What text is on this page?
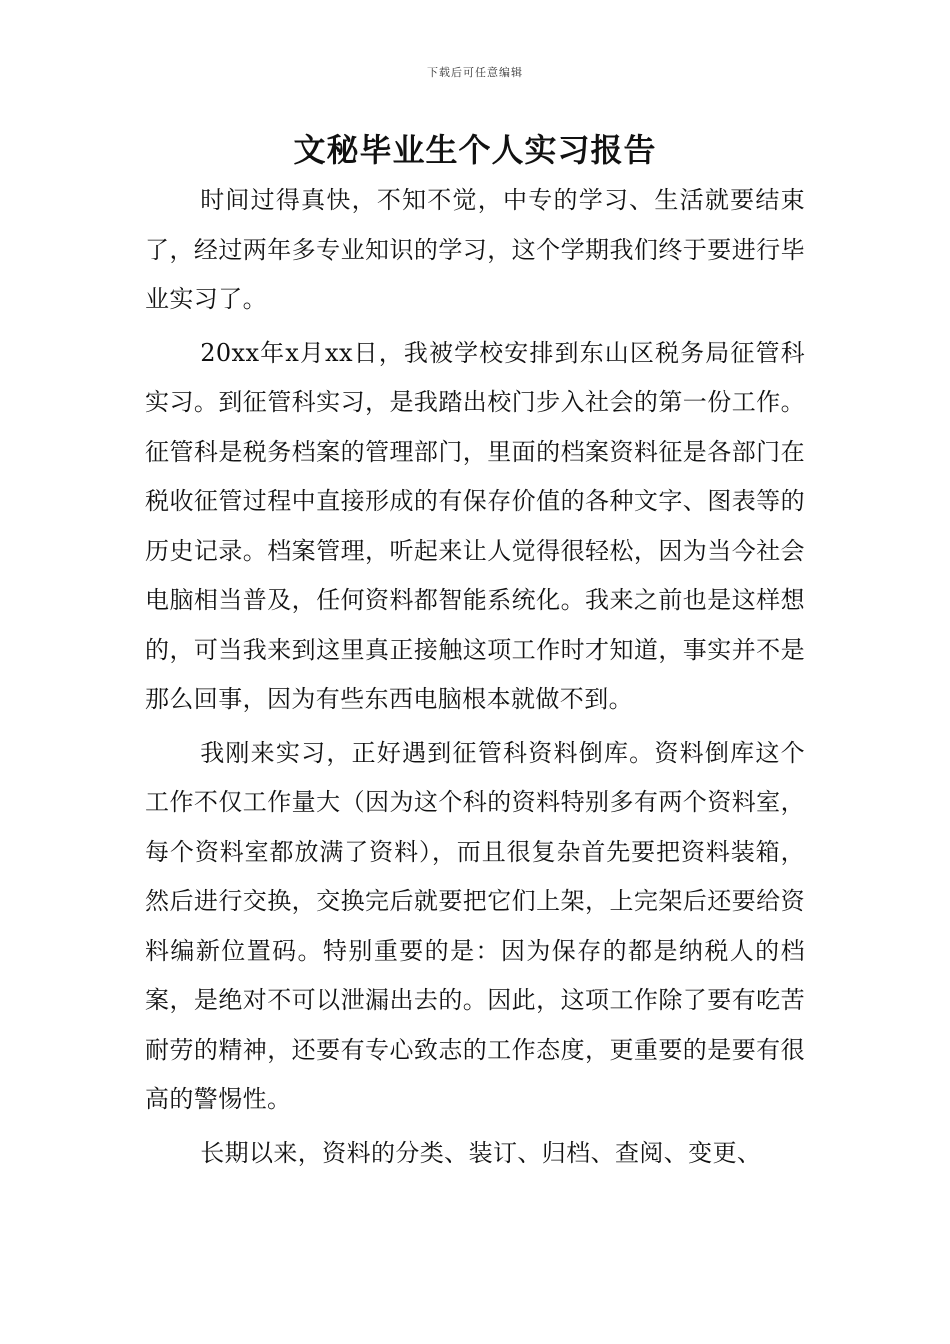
下载后可任意编辑
文秘毕业生个人实习报告

时间过得真快，不知不觉，中专的学习、生活就要结束了，经过两年多专业知识的学习，这个学期我们终于要进行毕业实习了。

20xx年x月xx日，我被学校安排到东山区税务局征管科实习。到征管科实习，是我踏出校门步入社会的第一份工作。征管科是税务档案的管理部门，里面的档案资料征是各部门在税收征管过程中直接形成的有保存价值的各种文字、图表等的历史记录。档案管理，听起来让人觉得很轻松，因为当今社会电脑相当普及，任何资料都智能系统化。我来之前也是这样想的，可当我来到这里真正接触这项工作时才知道，事实并不是那么回事，因为有些东西电脑根本就做不到。

我刚来实习，正好遇到征管科资料倒库。资料倒库这个工作不仅工作量大（因为这个科的资料特别多有两个资料室，每个资料室都放满了资料），而且很复杂首先要把资料装箱，然后进行交换，交换完后就要把它们上架，上完架后还要给资料编新位置码。特别重要的是：因为保存的都是纳税人的档案，是绝对不可以泄漏出去的。因此，这项工作除了要有吃苦耐劳的精神，还要有专心致志的工作态度，更重要的是要有很高的警惕性。

长期以来，资料的分类、装订、归档、查阅、变更、
